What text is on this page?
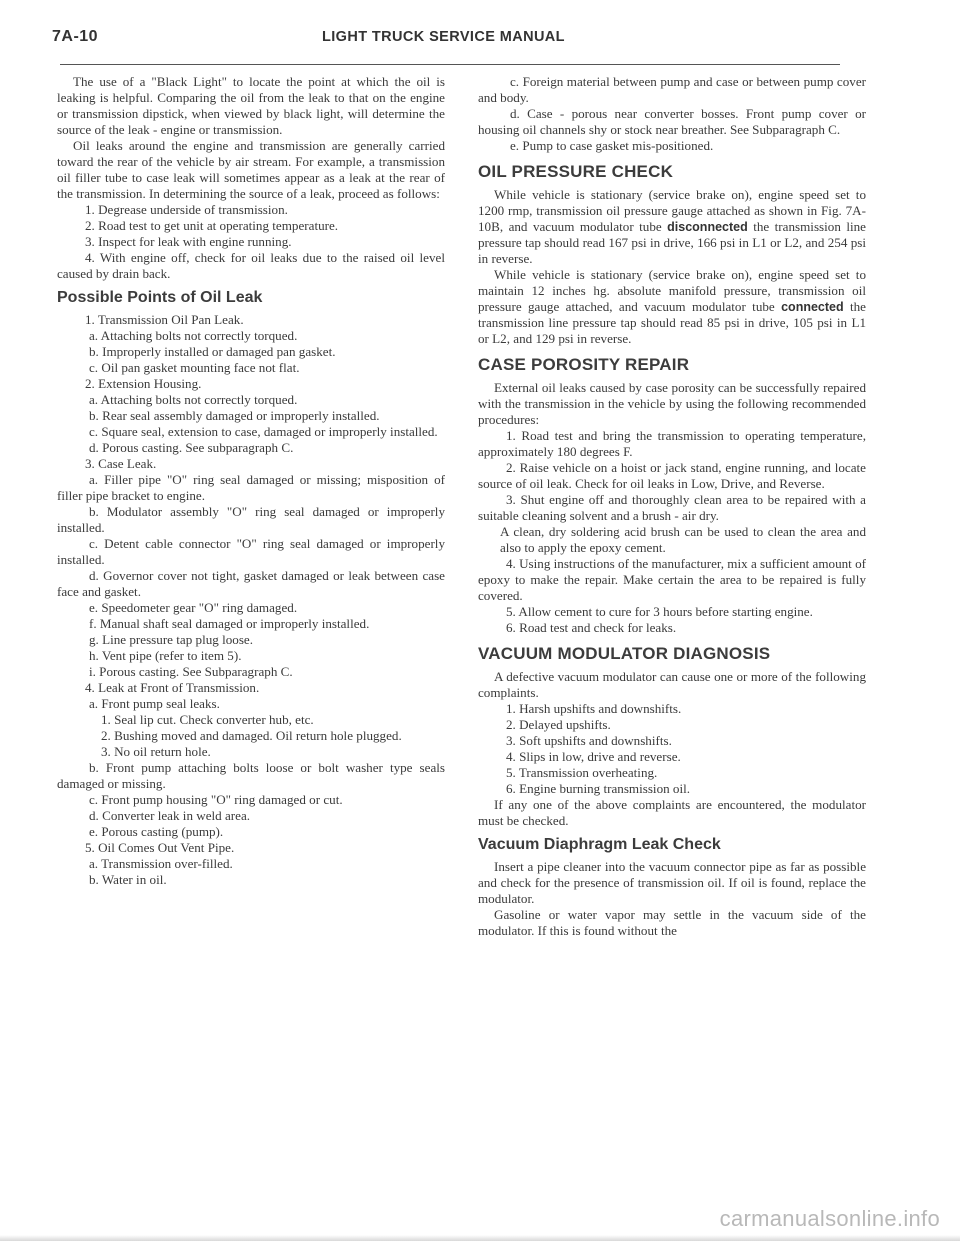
7A-10	LIGHT TRUCK SERVICE MANUAL

The use of a "Black Light" to locate the point at which the oil is leaking is helpful. Comparing the oil from the leak to that on the engine or transmission dipstick, when viewed by black light, will determine the source of the leak - engine or transmission.

Oil leaks around the engine and transmission are generally carried toward the rear of the vehicle by air stream. For example, a transmission oil filler tube to case leak will sometimes appear as a leak at the rear of the transmission. In determining the source of a leak, proceed as follows:

1. Degrease underside of transmission.

2. Road test to get unit at operating temperature.

3. Inspect for leak with engine running.

4. With engine off, check for oil leaks due to the raised oil level caused by drain back.

Possible Points of Oil Leak

1. Transmission Oil Pan Leak.

a. Attaching bolts not correctly torqued.

b. Improperly installed or damaged pan gasket.

c. Oil pan gasket mounting face not flat.

2. Extension Housing.

a. Attaching bolts not correctly torqued.

b. Rear seal assembly damaged or improperly installed.

c. Square seal, extension to case, damaged or improperly installed.

d. Porous casting. See subparagraph C.

3. Case Leak.

a. Filler pipe "O" ring seal damaged or missing; misposition of filler pipe bracket to engine.

b. Modulator assembly "O" ring seal damaged or improperly installed.

c. Detent cable connector "O" ring seal damaged or improperly installed.

d. Governor cover not tight, gasket damaged or leak between case face and gasket.

e. Speedometer gear "O" ring damaged.

f. Manual shaft seal damaged or improperly installed.

g. Line pressure tap plug loose.

h. Vent pipe (refer to item 5).

i. Porous casting. See Subparagraph C.

4. Leak at Front of Transmission.

a. Front pump seal leaks.

1. Seal lip cut. Check converter hub, etc.

2. Bushing moved and damaged. Oil return hole plugged.

3. No oil return hole.

b. Front pump attaching bolts loose or bolt washer type seals damaged or missing.

c. Front pump housing "O" ring damaged or cut.

d. Converter leak in weld area.

e. Porous casting (pump).

5. Oil Comes Out Vent Pipe.

a. Transmission over-filled.

b. Water in oil.

c. Foreign material between pump and case or between pump cover and body.

d. Case - porous near converter bosses. Front pump cover or housing oil channels shy or stock near breather. See Subparagraph C.

e. Pump to case gasket mis-positioned.

OIL PRESSURE CHECK

While vehicle is stationary (service brake on), engine speed set to 1200 rmp, transmission oil pressure gauge attached as shown in Fig. 7A-10B, and vacuum modulator tube disconnected the transmission line pressure tap should read 167 psi in drive, 166 psi in L1 or L2, and 254 psi in reverse.

While vehicle is stationary (service brake on), engine speed set to maintain 12 inches hg. absolute manifold pressure, transmission oil pressure gauge attached, and vacuum modulator tube connected the transmission line pressure tap should read 85 psi in drive, 105 psi in L1 or L2, and 129 psi in reverse.

CASE POROSITY REPAIR

External oil leaks caused by case porosity can be successfully repaired with the transmission in the vehicle by using the following recommended procedures:

1. Road test and bring the transmission to operating temperature, approximately 180 degrees F.

2. Raise vehicle on a hoist or jack stand, engine running, and locate source of oil leak. Check for oil leaks in Low, Drive, and Reverse.

3. Shut engine off and thoroughly clean area to be repaired with a suitable cleaning solvent and a brush - air dry.

A clean, dry soldering acid brush can be used to clean the area and also to apply the epoxy cement.

4. Using instructions of the manufacturer, mix a sufficient amount of epoxy to make the repair. Make certain the area to be repaired is fully covered.

5. Allow cement to cure for 3 hours before starting engine.

6. Road test and check for leaks.

VACUUM MODULATOR DIAGNOSIS

A defective vacuum modulator can cause one or more of the following complaints.

1. Harsh upshifts and downshifts.

2. Delayed upshifts.

3. Soft upshifts and downshifts.

4. Slips in low, drive and reverse.

5. Transmission overheating.

6. Engine burning transmission oil.

If any one of the above complaints are encountered, the modulator must be checked.

Vacuum Diaphragm Leak Check

Insert a pipe cleaner into the vacuum connector pipe as far as possible and check for the presence of transmission oil. If oil is found, replace the modulator.

Gasoline or water vapor may settle in the vacuum side of the modulator. If this is found without the

carmanualsonline.info
